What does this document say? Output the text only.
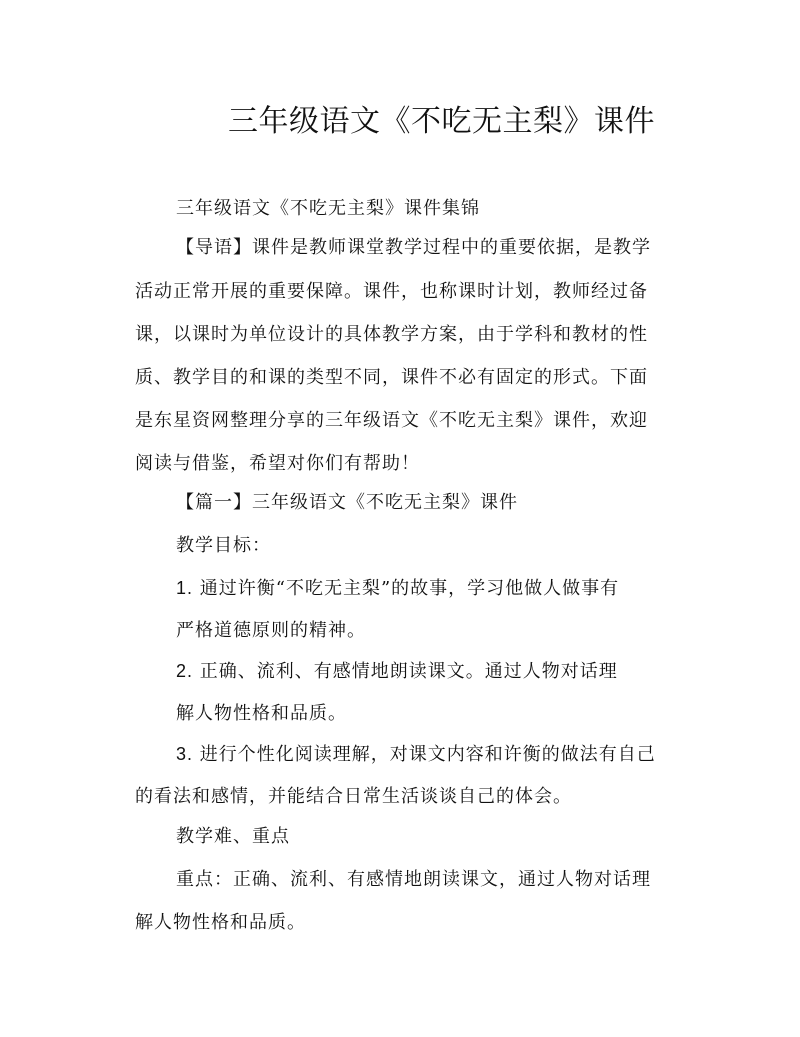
三年级语文《不吃无主梨》课件
三年级语文《不吃无主梨》课件集锦
【导语】课件是教师课堂教学过程中的重要依据，是教学
活动正常开展的重要保障。课件，也称课时计划，教师经过备
课，以课时为单位设计的具体教学方案，由于学科和教材的性
质、教学目的和课的类型不同，课件不必有固定的形式。下面
是东星资网整理分享的三年级语文《不吃无主梨》课件，欢迎
阅读与借鉴，希望对你们有帮助！
【篇一】三年级语文《不吃无主梨》课件
教学目标：
1. 通过许衡“不吃无主梨”的故事，学习他做人做事有
严格道德原则的精神。
2. 正确、流利、有感情地朗读课文。通过人物对话理
解人物性格和品质。
3. 进行个性化阅读理解，对课文内容和许衡的做法有自己
的看法和感情，并能结合日常生活谈谈自己的体会。
教学难、重点
重点：正确、流利、有感情地朗读课文，通过人物对话理
解人物性格和品质。
